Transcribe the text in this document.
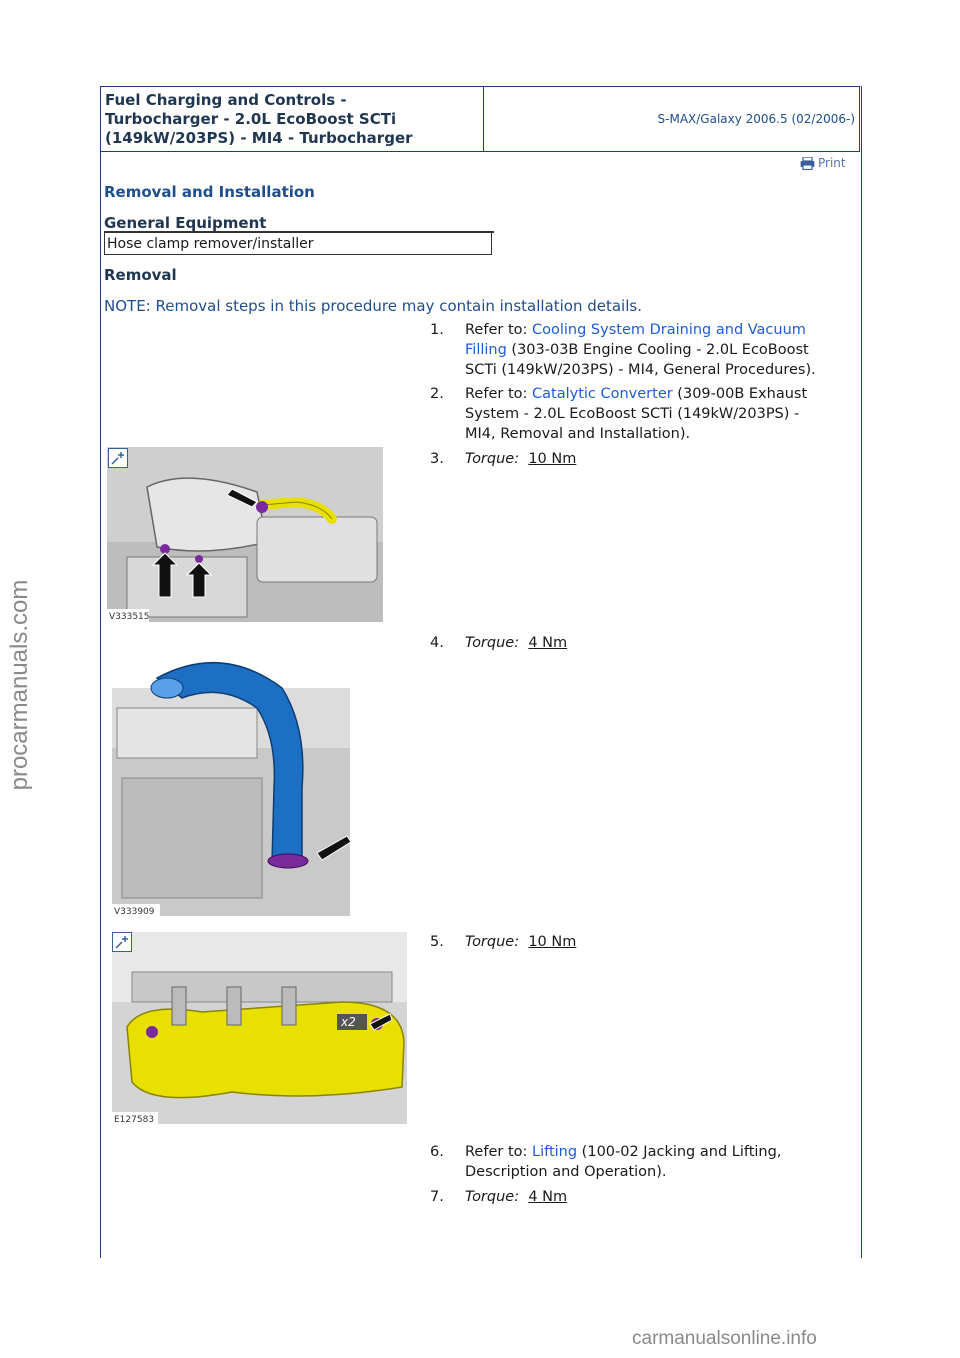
Fuel Charging and Controls -
Turbocharger - 2.0L EcoBoost SCTi
(149kW/203PS) - MI4 - Turbocharger
S-MAX/Galaxy 2006.5 (02/2006-)
Print
Removal and Installation
General Equipment
Hose clamp remover/installer
Removal
NOTE: Removal steps in this procedure may contain installation details.
1.	Refer to: Cooling System Draining and Vacuum
Filling (303-03B Engine Cooling - 2.0L EcoBoost
SCTi (149kW/203PS) - MI4, General Procedures).
2.	Refer to: Catalytic Converter (309-00B Exhaust
System - 2.0L EcoBoost SCTi (149kW/203PS) -
MI4, Removal and Installation).
3.	Torque: 10 Nm
4.	Torque: 4 Nm
5.	Torque: 10 Nm
6.	Refer to: Lifting (100-02 Jacking and Lifting,
Description and Operation).
7.	Torque: 4 Nm
V333515
V333909
x2
E127583
procarmanuals.com
carmanualsonline.info
